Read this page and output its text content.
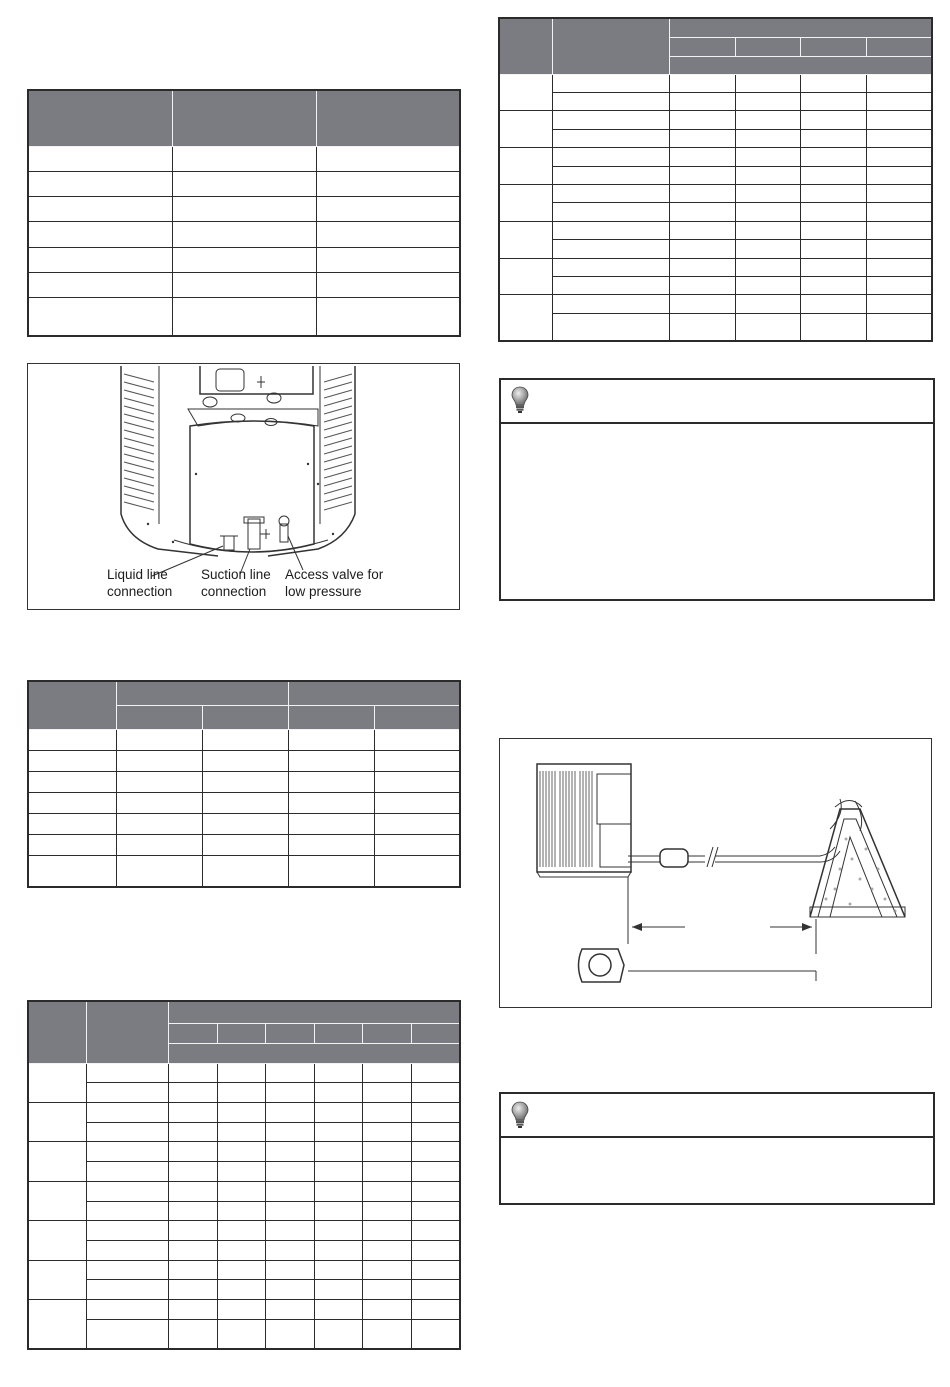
Liquid line
connection
Suction line
connection
Access valve for
low pressure
